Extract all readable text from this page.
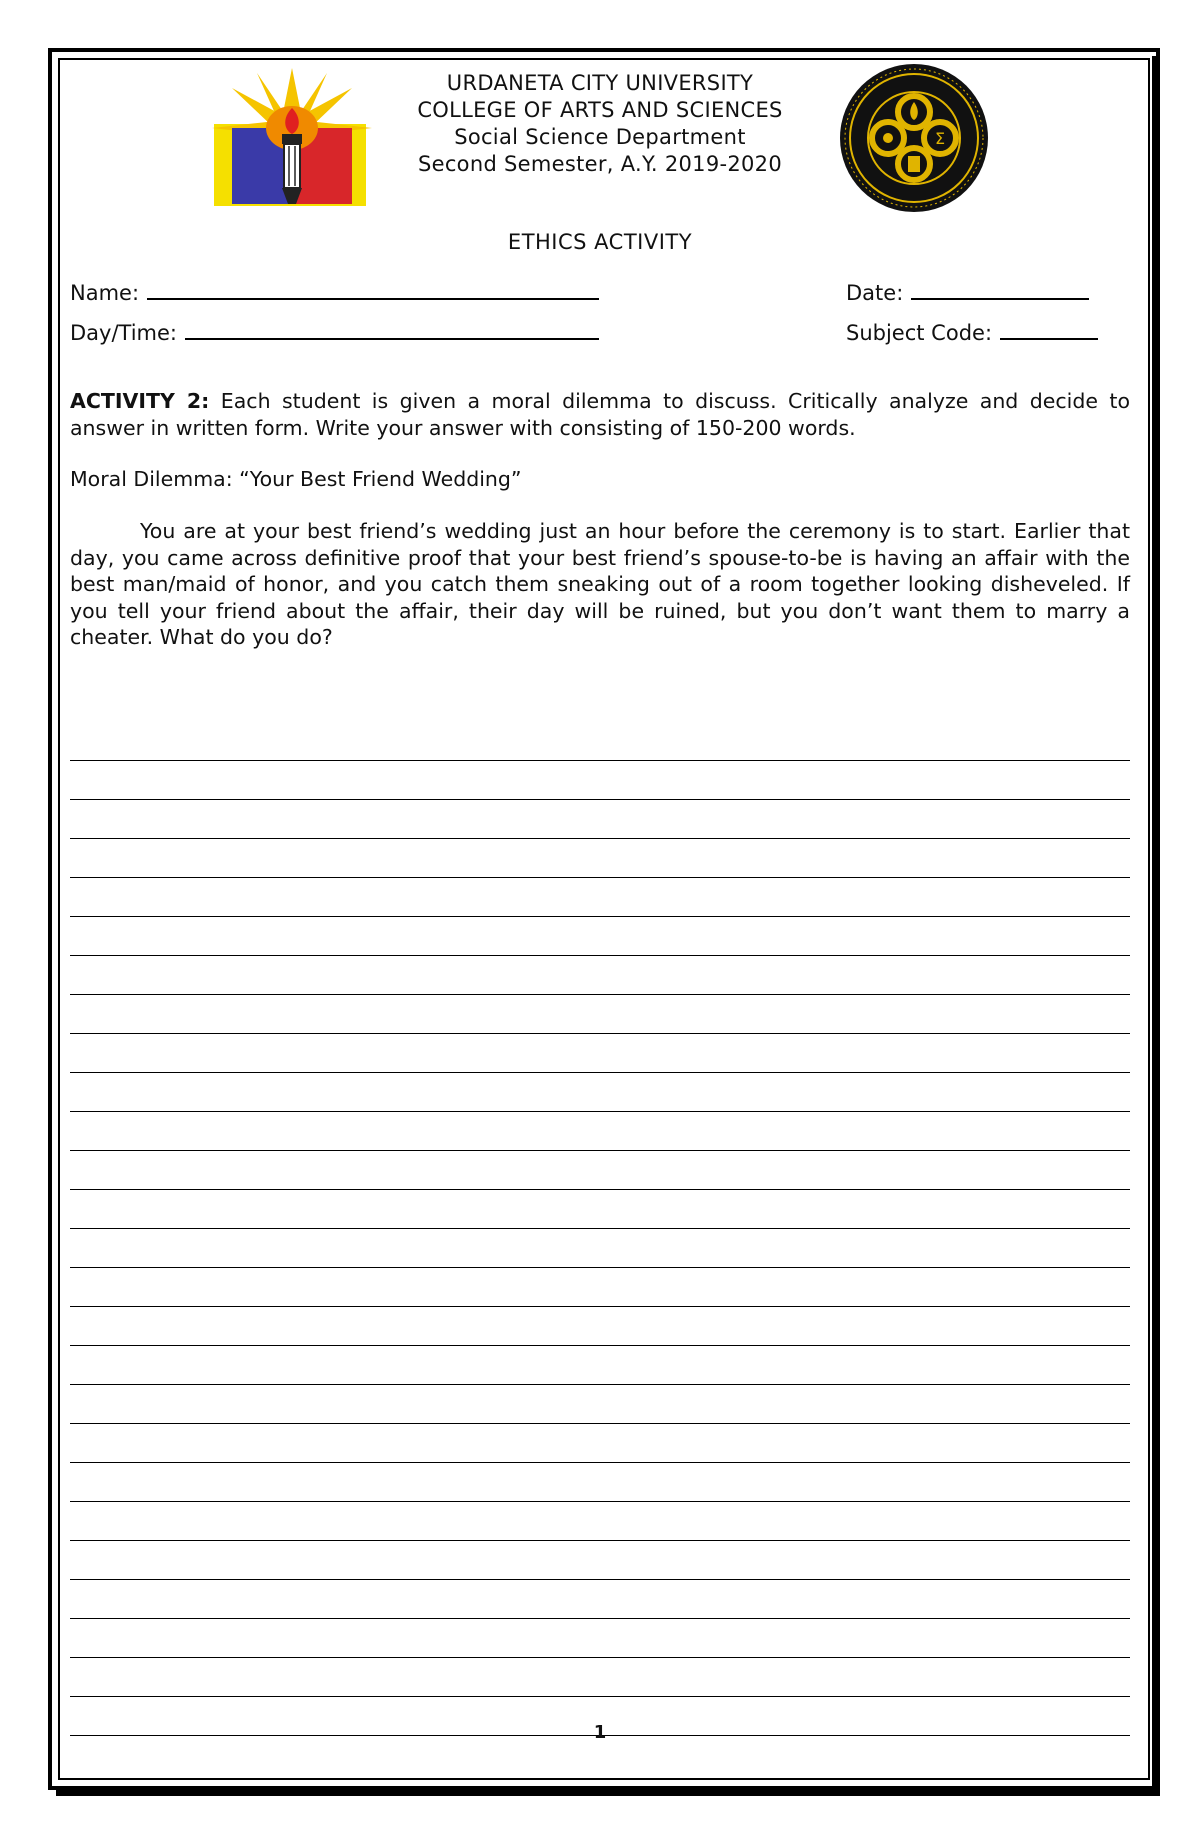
Σ
URDANETA CITY UNIVERSITY
COLLEGE OF ARTS AND SCIENCES
Social Science Department
Second Semester, A.Y. 2019-2020
ETHICS ACTIVITY
Name:	Date:
Day/Time:	Subject Code:
ACTIVITY 2: Each student is given a moral dilemma to discuss. Critically analyze and decide to answer in written form. Write your answer with consisting of 150-200 words.
Moral Dilemma: “Your Best Friend Wedding”
You are at your best friend’s wedding just an hour before the ceremony is to start. Earlier that day, you came across definitive proof that your best friend’s spouse-to-be is having an affair with the best man/maid of honor, and you catch them sneaking out of a room together looking disheveled. If you tell your friend about the affair, their day will be ruined, but you don’t want them to marry a cheater. What do you do?
1
